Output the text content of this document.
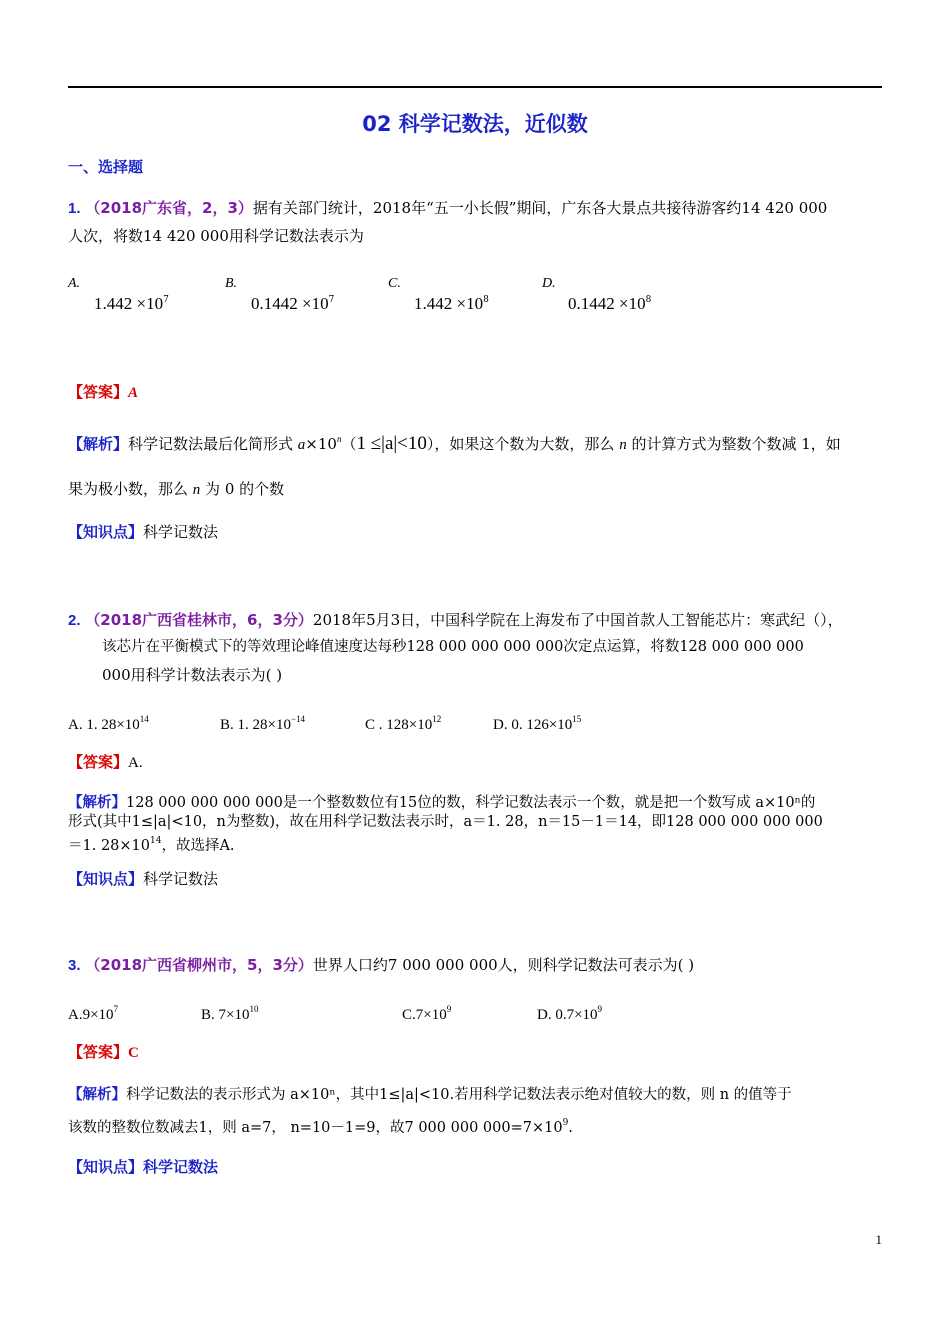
02 科学记数法，近似数
一、选择题
1. （2018广东省，2，3）据有关部门统计，2018年“五一小长假”期间，广东各大景点共接待游客约14 420 000
人次，将数14 420 000用科学记数法表示为
A.
$1.442 \times 10^7$
B.
$0.1442 \times 10^7$
C.
$1.442 \times 10^8$
D.
$0.1442 \times 10^8$
【答案】A
【解析】科学记数法最后化简形式 $a\times 10^n(1 \le|a|<10)$，如果这个数为大数，那么 n 的计算方式为整数个数减 1，如
果为极小数，那么 n 为 0 的个数
【知识点】科学记数法
2. （2018广西省桂林市，6，3分）2018年5月3日，中国科学院在上海发布了中国首款人工智能芯片：寒武纪（），
该芯片在平衡模式下的等效理论峰值速度达每秒128 000 000 000 000次定点运算，将数128 000 000 000
000用科学计数法表示为( )
A. 1. $28\times 10^{14}$	B. 1. $28\times 10^{-14}$	C . $128\times 10^{12}$	D. 0. $126\times 10^{15}$
【答案】A.
【解析】128 000 000 000 000是一个整数数位有15位的数，科学记数法表示一个数，就是把一个数写成 a×10ⁿ的
形式(其中1≤|a|<10，n为整数)，故在用科学记数法表示时，a＝1. 28，n＝15－1＝14，即128 000 000 000 000
＝1. $28\times 10^{14}$，故选择A.
【知识点】科学记数法
3. （2018广西省柳州市，5，3分）世界人口约7 000 000 000人，则科学记数法可表示为( )
$A.9\times 10^7$	B. $7\times 10^{10}$	$C.7\times 10^9$	D. $0.7\times 10^9$
【答案】C
【解析】科学记数法的表示形式为 a×10ⁿ，其中1≤|a|<10.若用科学记数法表示绝对值较大的数，则 n 的值等于
该数的整数位数减去1，则 a=7， n=10－1=9，故7 000 000 $000=7\times 10^9$.
【知识点】科学记数法
1
